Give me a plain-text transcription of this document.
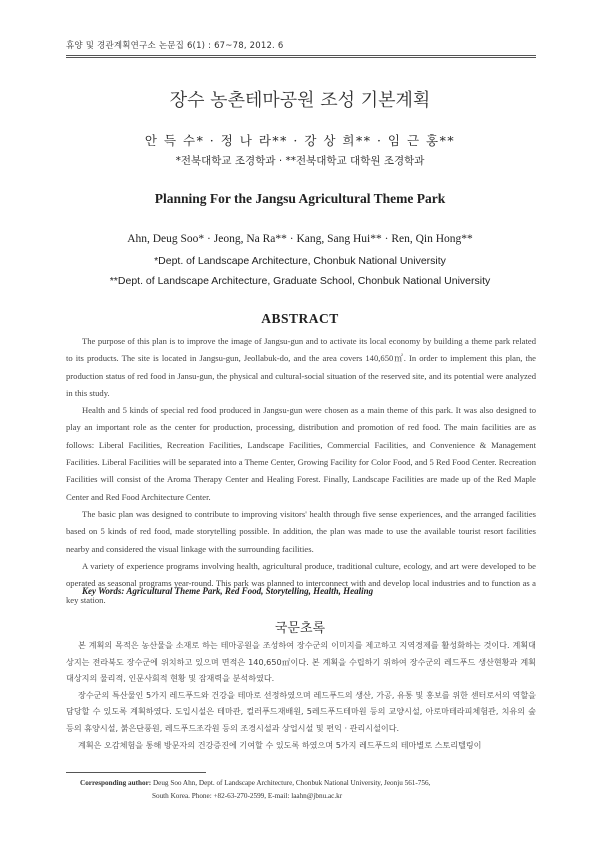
휴양 및 경관계획연구소 논문집 6(1) : 67~78, 2012. 6
장수 농촌테마공원 조성 기본계획
안 득 수* · 정 나 라** · 강 상 희** · 임 근 홍**
*전북대학교 조경학과 · **전북대학교 대학원 조경학과
Planning For the Jangsu Agricultural Theme Park
Ahn, Deug Soo* · Jeong, Na Ra** · Kang, Sang Hui** · Ren, Qin Hong**
*Dept. of Landscape Architecture, Chonbuk National University
**Dept. of Landscape Architecture, Graduate School, Chonbuk National University
ABSTRACT

The purpose of this plan is to improve the image of Jangsu-gun and to activate its local economy by building a theme park related to its products. The site is located in Jangsu-gun, Jeollabuk-do, and the area covers 140,650㎡. In order to implement this plan, the production status of red food in Jansu-gun, the physical and cultural-social situation of the reserved site, and its potential were analyzed in this study.

Health and 5 kinds of special red food produced in Jangsu-gun were chosen as a main theme of this park. It was also designed to play an important role as the center for production, processing, distribution and promotion of red food. The main facilities are as follows: Liberal Facilities, Recreation Facilities, Landscape Facilities, Commercial Facilities, and Convenience & Management Facilities. Liberal Facilities will be separated into a Theme Center, Growing Facility for Color Food, and 5 Red Food Center. Recreation Facilities will consist of the Aroma Therapy Center and Healing Forest. Finally, Landscape Facilities are made up of the Red Maple Center and Red Food Architecture Center.

The basic plan was designed to contribute to improving visitors' health through five sense experiences, and the arranged facilities based on 5 kinds of red food, made storytelling possible. In addition, the plan was made to use the available tourist resort facilities nearby and considered the visual linkage with the surrounding facilities.

A variety of experience programs involving health, agricultural produce, traditional culture, ecology, and art were developed to be operated as seasonal programs year-round. This park was planned to interconnect with and develop local industries and to function as a key station.

Key Words: Agricultural Theme Park, Red Food, Storytelling, Health, Healing
국문초록

본 계획의 목적은 농산물을 소재로 하는 테마공원을 조성하여 장수군의 이미지를 제고하고 지역경제를 활성화하는 것이다. 계획대상지는 전라북도 장수군에 위치하고 있으며 면적은 140,650㎡이다. 본 계획을 수립하기 위하여 장수군의 레드푸드 생산현황과 계획대상지의 물리적, 인문사회적 현황 및 잠재력을 분석하였다.

장수군의 특산물인 5가지 레드푸드와 건강을 테마로 선정하였으며 레드푸드의 생산, 가공, 유통 및 홍보를 위한 센터로서의 역할을 담당할 수 있도록 계획하였다. 도입시설은 테마관, 컬러푸드재배원, 5레드푸드테마원 등의 교양시설, 아로마테라피체험관, 치유의 숲 등의 휴양시설, 붉은단풍원, 레드푸드조각원 등의 조경시설과 상업시설 및 편익 · 관리시설이다.

계획은 오감체험을 통해 방문자의 건강증진에 기여할 수 있도록 하였으며 5가지 레드푸드의 테마별로 스토리텔링이

Corresponding author: Deug Soo Ahn, Dept. of Landscape Architecture, Chonbuk National University, Jeonju 561-756,
South Korea. Phone: +82-63-270-2599, E-mail: laahn@jbnu.ac.kr
